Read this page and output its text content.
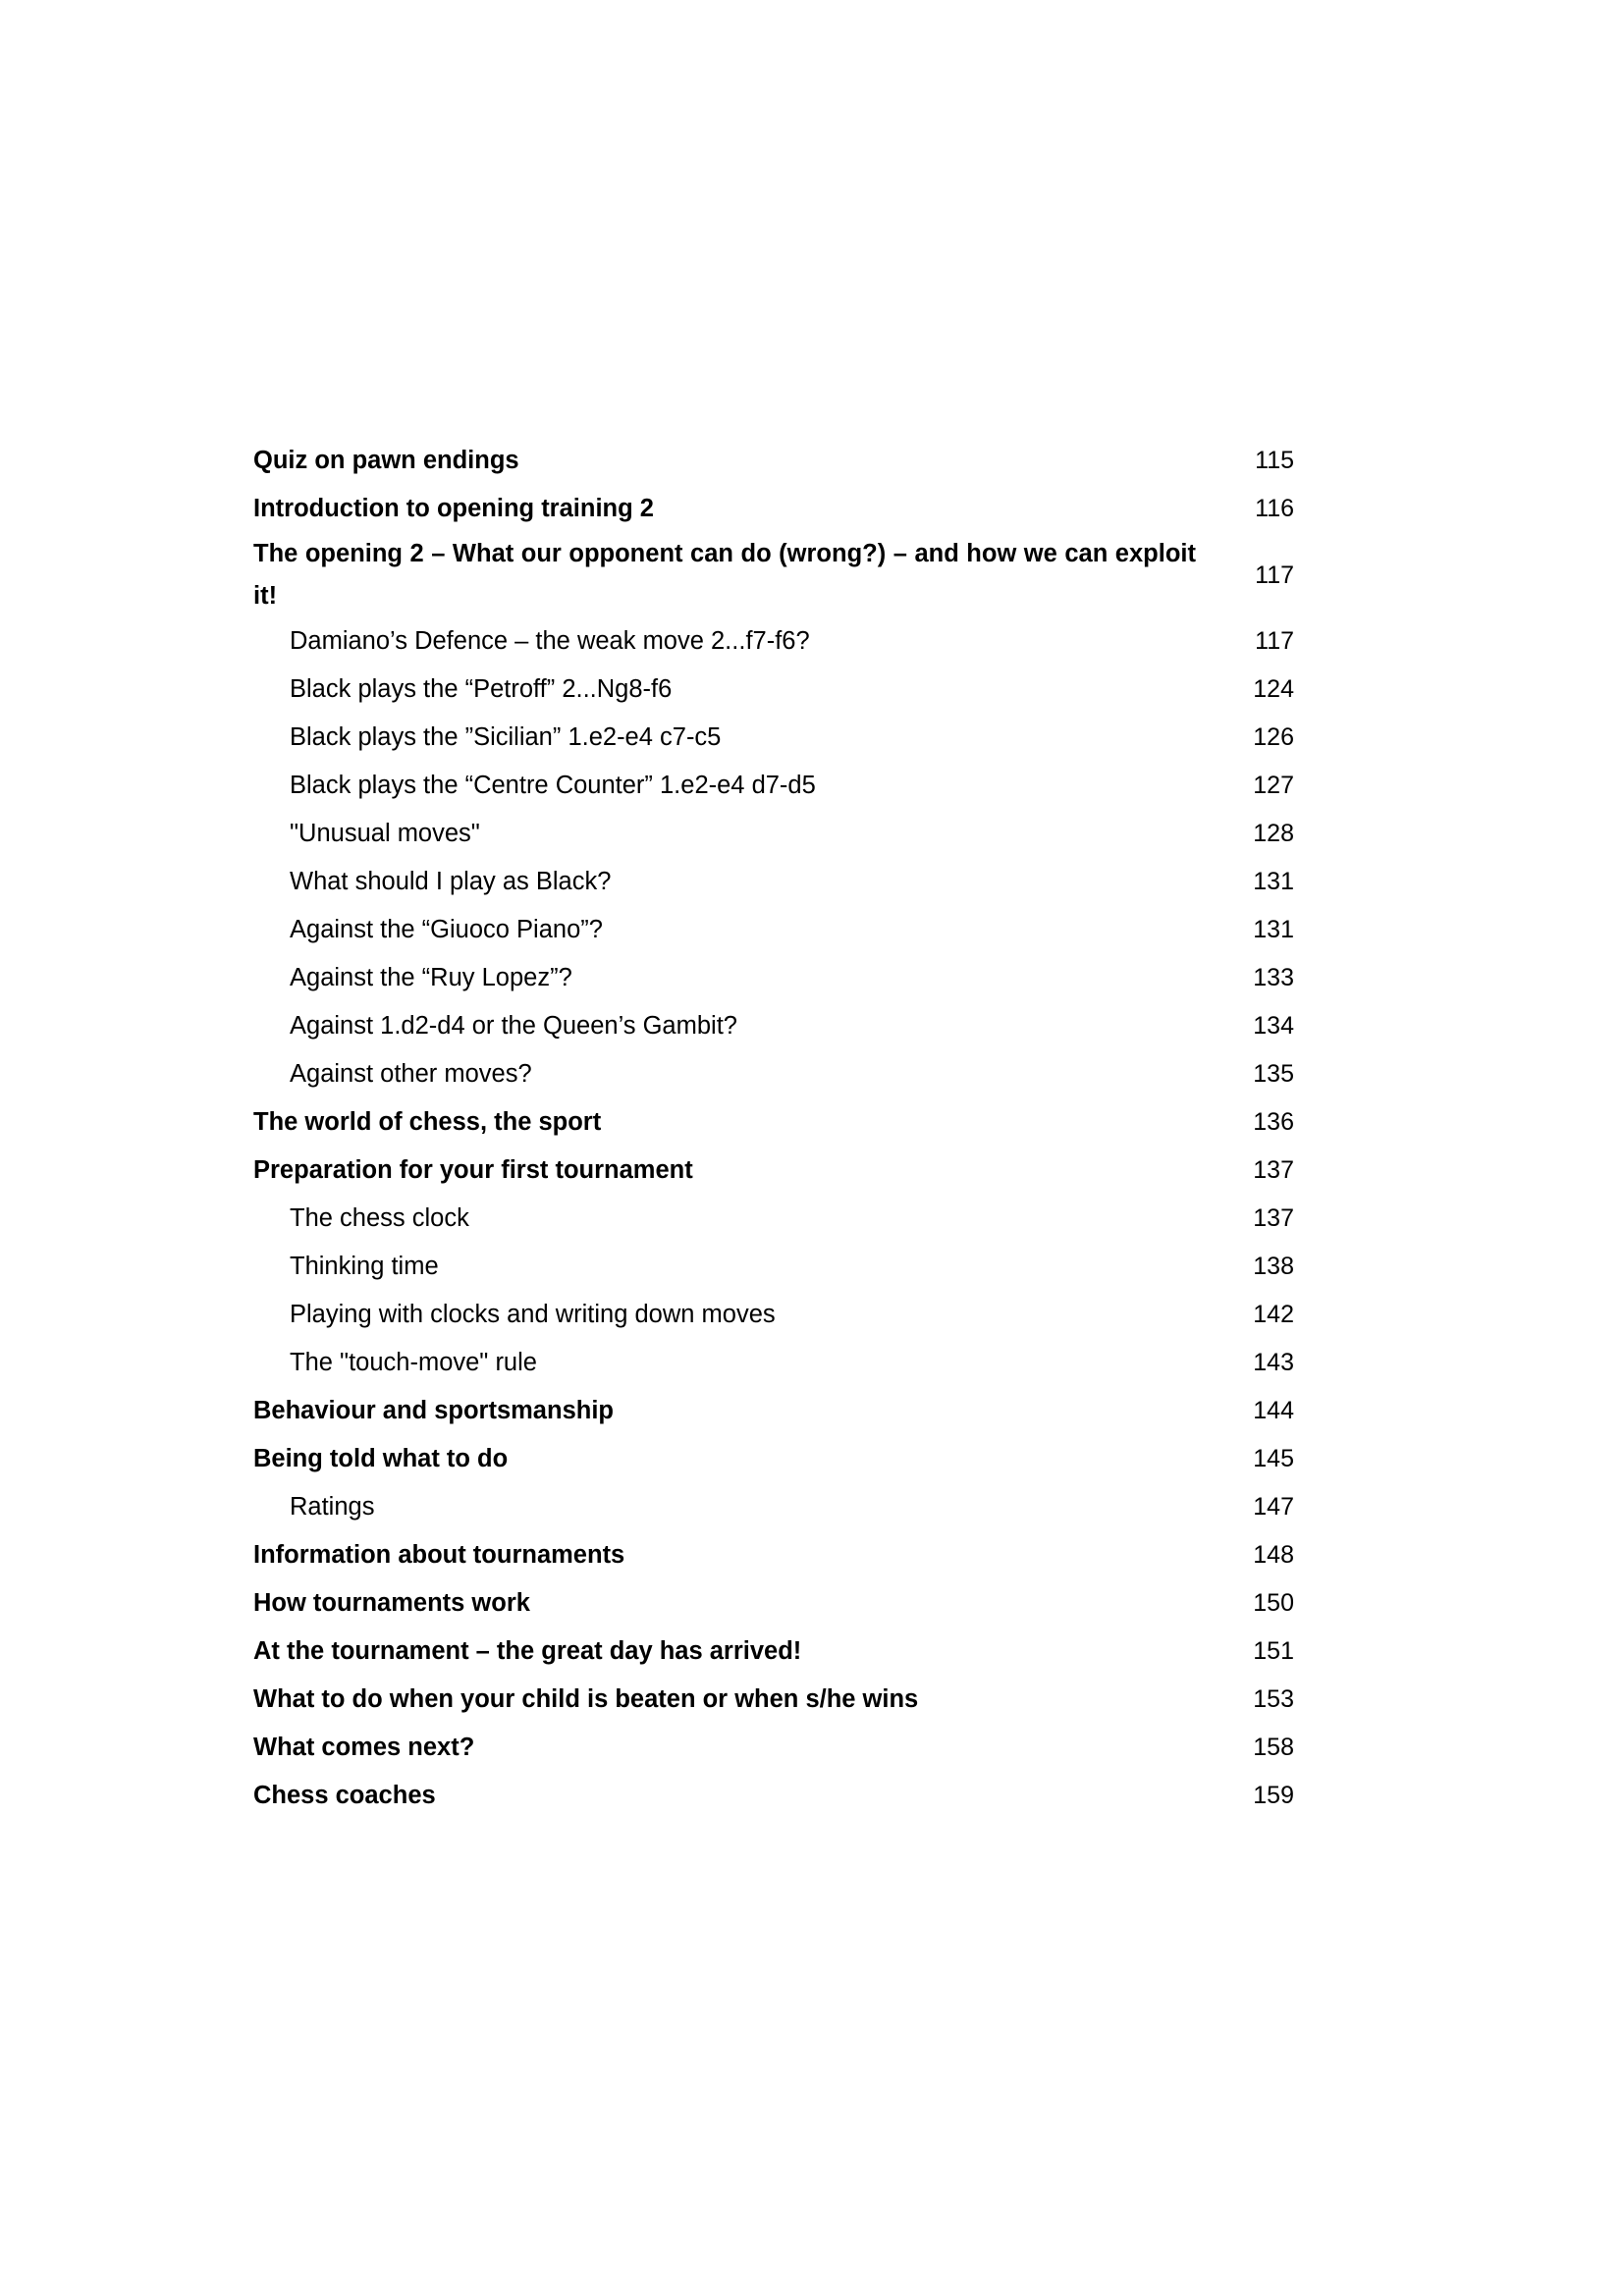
Quiz on pawn endings	115
Introduction to opening training 2	116
The opening 2 – What our opponent can do (wrong?) – and how we can exploit it!
117
Damiano’s Defence – the weak move 2...f7-f6?	117
Black plays the “Petroff” 2...Ng8-f6	124
Black plays the ”Sicilian” 1.e2-e4 c7-c5	126
Black plays the “Centre Counter” 1.e2-e4 d7-d5	127
"Unusual moves"	128
What should I play as Black?	131
Against the “Giuoco Piano”?	131
Against the “Ruy Lopez”?	133
Against 1.d2-d4 or the Queen’s Gambit?	134
Against other moves?	135
The world of chess, the sport	136
Preparation for your first tournament	137
The chess clock	137
Thinking time	138
Playing with clocks and writing down moves	142
The "touch-move" rule	143
Behaviour and sportsmanship	144
Being told what to do	145
Ratings	147
Information about tournaments	148
How tournaments work	150
At the tournament – the great day has arrived!	151
What to do when your child is beaten or when s/he wins	153
What comes next?	158
Chess coaches	159
